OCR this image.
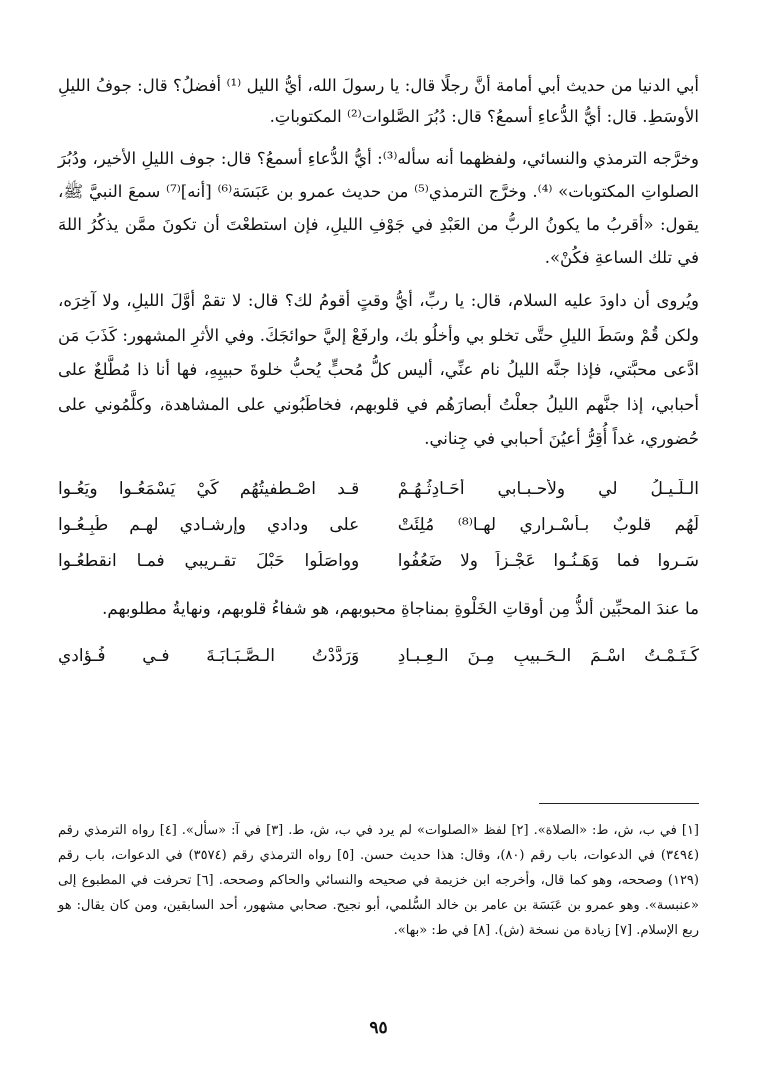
أبي الدنيا من حديث أبي أمامة أنَّ رجلًا قال: يا رسولَ الله، أيُّ الليل ⁽¹⁾ أفضلُ؟ قال: جوفُ الليلِ الأوسَطِ. قال: أيُّ الدُّعاءِ أسمعُ؟ قال: دُبُرَ الصَّلوات⁽²⁾ المكتوباتِ.

وخرَّجه الترمذي والنسائي، ولفظهما أنه سأله⁽³⁾: أيُّ الدُّعاءِ أسمعُ؟ قال: جوف الليلِ الأخير، ودُبُرَ الصلواتِ المكتوبات» ⁽⁴⁾. وخرَّج الترمذي⁽⁵⁾ من حديث عمرو بن عَبَسَة⁽⁶⁾ [أنه]⁽⁷⁾ سمعَ النبيَّ ﷺ، يقول: «أقربُ ما يكونُ الربُّ من العَبْدِ في جَوْفِ الليلِ، فإن استطعْتَ أن تكونَ ممَّن يذكُرُ اللهَ في تلك الساعةِ فكُنْ».

ويُروى أن داودَ عليه السلام، قال: يا ربِّ، أيُّ وقتٍ أقومُ لك؟ قال: لا تقمْ أوَّلَ الليلِ، ولا آخِرَه، ولكن قُمْ وسَطَ الليلِ حتَّى تخلو بي وأخلُو بك، وارفَعْ إليَّ حوائجَكَ. وفي الأثرِ المشهور: كَذَبَ مَن ادَّعى محبَّتي، فإذا جنَّه الليلُ نام عنِّي، أليس كلُّ مُحبٍّ يُحبُّ خلوةَ حبيبِهِ، فها أنا ذا مُطَّلعٌ على أحبابي، إذا جنَّهم الليلُ جعلْتُ أبصارَهُم في قلوبهم، فخاطَبُوني على المشاهدة، وكلَّمُوني على حُضوري، غداً أُقِرُّ أعيُنَ أحبابي في جِناني.

الـلَّـيـلُ لي ولأحـبـابي أُحَـادِثُـهُـمْ
قـد اصْـطفيتُهُم كَيْ يَسْمَعُـوا ويَعُـوا
لَهُم قلوبٌ بـأسْـراري لهـا⁽⁸⁾ مُلِئَتْ
على ودادي وإرشـادي لهـم طُبِـعُـوا
سَـروا فما وَهَـنُـوا عَجْـزاً ولا ضَعُفُوا
وواصَلُوا حَبْلَ تقـريبي فمـا انقطعُـوا

ما عندَ المحبِّين ألذُّ مِن أوقاتِ الخَلْوةِ بمناجاةِ محبوبهم، هو شفاءُ قلوبهم، ونهايةُ مطلوبهم.

كَـتَـمْـتُ اسْـمَ الـحَـبيبِ مِـنَ الـعِـبـادِ
وَرَدَّدْتُ الـصَّـبَـابَـةَ فـي فُـؤادي
[١] في ب، ش، ط: «الصلاة». [٢] لفظ «الصلوات» لم يرد في ب، ش، ط. [٣] في آ: «سأل». [٤] رواه الترمذي رقم (٣٤٩٤) في الدعوات، باب رقم (٨٠)، وقال: هذا حديث حسن. [٥] رواه الترمذي رقم (٣٥٧٤) في الدعوات، باب رقم (١٢٩) وصححه، وهو كما قال، وأخرجه ابن خزيمة في صحيحه والنسائي والحاكم وصححه. [٦] تحرفت في المطبوع إلى «عنبسة». وهو عمرو بن عَبَسَة بن عامر بن خالد السُّلمي، أبو نجيح. صحابي مشهور، أحد السابقين، ومن كان يقال: هو ربع الإسلام. [٧] زيادة من نسخة (ش). [٨] في ط: «بها».
٩٥
